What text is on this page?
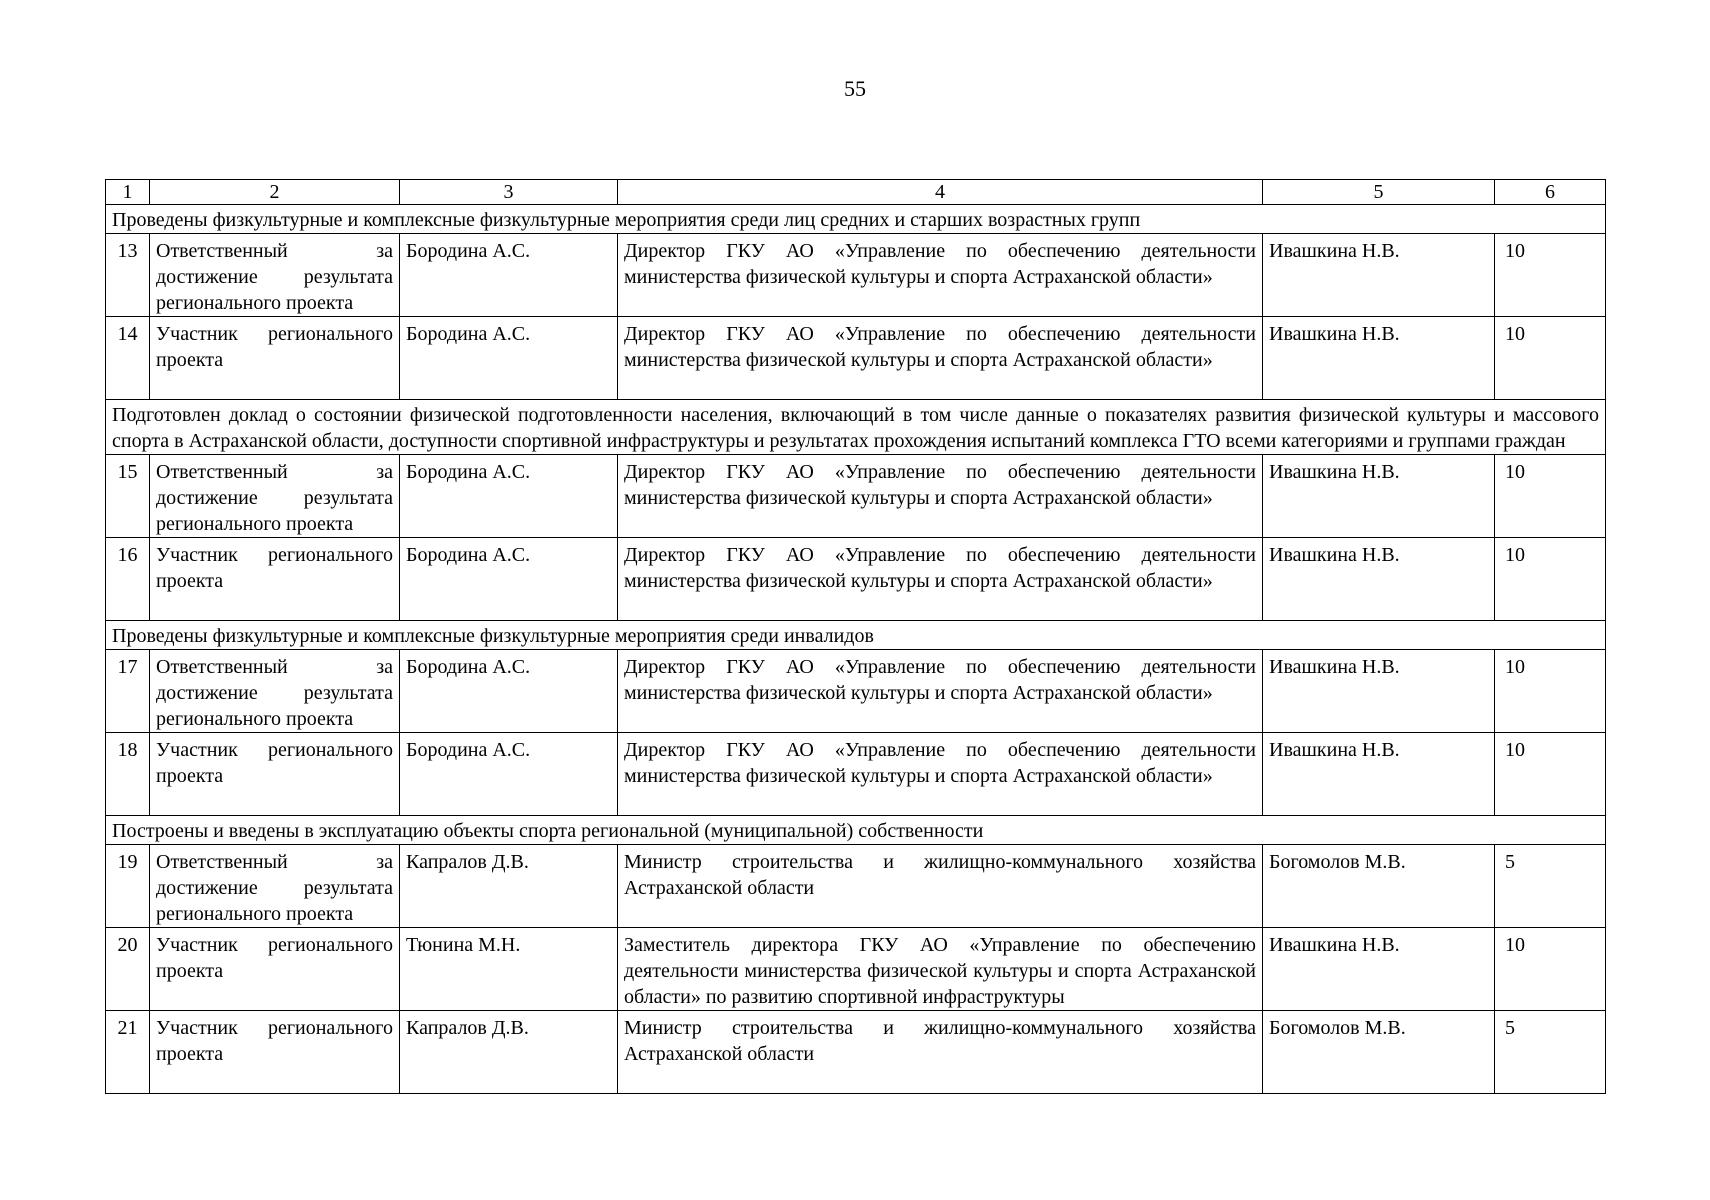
55
1	2	3	4	5	6
Проведены физкультурные и комплексные физкультурные мероприятия среди лиц средних и старших возрастных групп					
13	Ответственный за достижение результата регионального проекта	Бородина А.С.	Директор ГКУ АО «Управление по обеспечению деятельности министерства физической культуры и спорта Астраханской области»	Ивашкина Н.В.	10
14	Участник регионального проекта	Бородина А.С.	Директор ГКУ АО «Управление по обеспечению деятельности министерства физической культуры и спорта Астраханской области»	Ивашкина Н.В.	10
Подготовлен доклад о состоянии физической подготовленности населения, включающий в том числе данные о показателях развития физической культуры и массового спорта в Астраханской области, доступности спортивной инфраструктуры и результатах прохождения испытаний комплекса ГТО всеми категориями и группами граждан					
15	Ответственный за достижение результата регионального проекта	Бородина А.С.	Директор ГКУ АО «Управление по обеспечению деятельности министерства физической культуры и спорта Астраханской области»	Ивашкина Н.В.	10
16	Участник регионального проекта	Бородина А.С.	Директор ГКУ АО «Управление по обеспечению деятельности министерства физической культуры и спорта Астраханской области»	Ивашкина Н.В.	10
Проведены физкультурные и комплексные физкультурные мероприятия среди инвалидов					
17	Ответственный за достижение результата регионального проекта	Бородина А.С.	Директор ГКУ АО «Управление по обеспечению деятельности министерства физической культуры и спорта Астраханской области»	Ивашкина Н.В.	10
18	Участник регионального проекта	Бородина А.С.	Директор ГКУ АО «Управление по обеспечению деятельности министерства физической культуры и спорта Астраханской области»	Ивашкина Н.В.	10
Построены и введены в эксплуатацию объекты спорта региональной (муниципальной) собственности					
19	Ответственный за достижение результата регионального проекта	Капралов Д.В.	Министр строительства и жилищно-коммунального хозяйства Астраханской области	Богомолов М.В.	5
20	Участник регионального проекта	Тюнина М.Н.	Заместитель директора ГКУ АО «Управление по обеспечению деятельности министерства физической культуры и спорта Астраханской области» по развитию спортивной инфраструктуры	Ивашкина Н.В.	10
21	Участник регионального проекта	Капралов Д.В.	Министр строительства и жилищно-коммунального хозяйства Астраханской области	Богомолов М.В.	5
